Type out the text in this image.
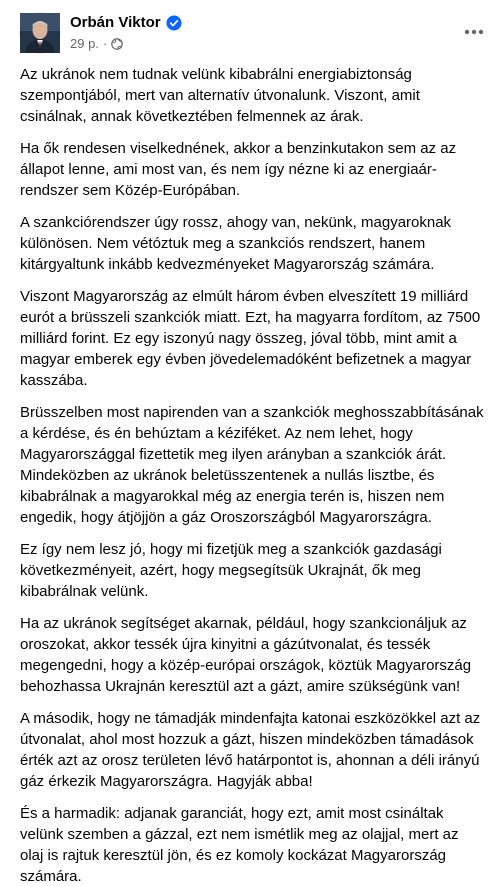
Orbán Viktor
29 p. ·

Az ukránok nem tudnak velünk kibabrálni energiabiztonság szempontjából, mert van alternatív útvonalunk. Viszont, amit csinálnak, annak következtében felmennek az árak.

Ha ők rendesen viselkednének, akkor a benzinkutakon sem az az állapot lenne, ami most van, és nem így nézne ki az energiaár-rendszer sem Közép-Európában.

A szankciórendszer úgy rossz, ahogy van, nekünk, magyaroknak különösen. Nem vétóztuk meg a szankciós rendszert, hanem kitárgyaltunk inkább kedvezményeket Magyarország számára.

Viszont Magyarország az elmúlt három évben elveszített 19 milliárd eurót a brüsszeli szankciók miatt. Ezt, ha magyarra fordítom, az 7500 milliárd forint. Ez egy iszonyú nagy összeg, jóval több, mint amit a magyar emberek egy évben jövedelemadóként befizetnek a magyar kasszába.

Brüsszelben most napirenden van a szankciók meghosszabbításának a kérdése, és én behúztam a kéziféket. Az nem lehet, hogy Magyarországgal fizettetik meg ilyen arányban a szankciók árát. Mindeközben az ukránok beletüsszentenek a nullás lisztbe, és kibabrálnak a magyarokkal még az energia terén is, hiszen nem engedik, hogy átjöjjön a gáz Oroszországból Magyarországra.

Ez így nem lesz jó, hogy mi fizetjük meg a szankciók gazdasági következményeit, azért, hogy megsegítsük Ukrajnát, ők meg kibabrálnak velünk.

Ha az ukránok segítséget akarnak, például, hogy szankcionáljuk az oroszokat, akkor tessék újra kinyitni a gázútvonalat, és tessék megengedni, hogy a közép-európai országok, köztük Magyarország behozhassa Ukrajnán keresztül azt a gázt, amire szükségünk van!

A második, hogy ne támadják mindenfajta katonai eszközökkel azt az útvonalat, ahol most hozzuk a gázt, hiszen mindeközben támadások érték azt az orosz területen lévő határpontot is, ahonnan a déli irányú gáz érkezik Magyarországra. Hagyják abba!

És a harmadik: adjanak garanciát, hogy ezt, amit most csináltak velünk szemben a gázzal, ezt nem ismétlik meg az olajjal, mert az olaj is rajtuk keresztül jön, és ez komoly kockázat Magyarország számára.
